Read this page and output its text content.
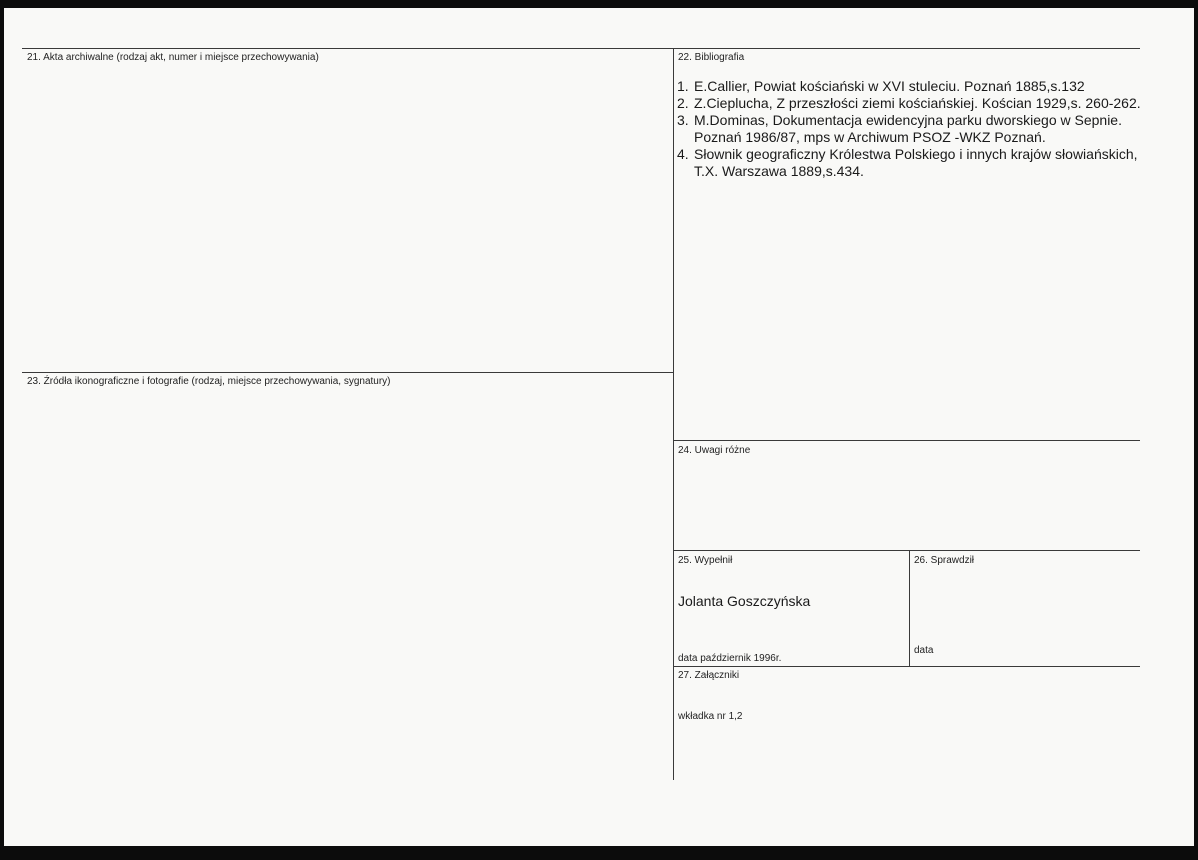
21. Akta archiwalne (rodzaj akt, numer i miejsce przechowywania)	22. Bibliografia
23. Źródła ikonograficzne i fotografie (rodzaj, miejsce przechowywania, sygnatury)
24. Uwagi różne
25. Wypełnił	26. Sprawdził
27. Załączniki
1. E.Callier, Powiat kościański w XVI stuleciu. Poznań 1885,s.132
2. Z.Cieplucha, Z przeszłości ziemi kościańskiej. Kościan 1929,s. 260-262.
3. M.Dominas, Dokumentacja ewidencyjna parku dworskiego w Sepnie. Poznań 1986/87, mps w Archiwum PSOZ -WKZ Poznań.
4. Słownik geograficzny Królestwa Polskiego i innych krajów słowiańskich, T.X. Warszawa 1889,s.434.
Jolanta Goszczyńska
data październik 1996r.
data
wkładka nr 1,2
